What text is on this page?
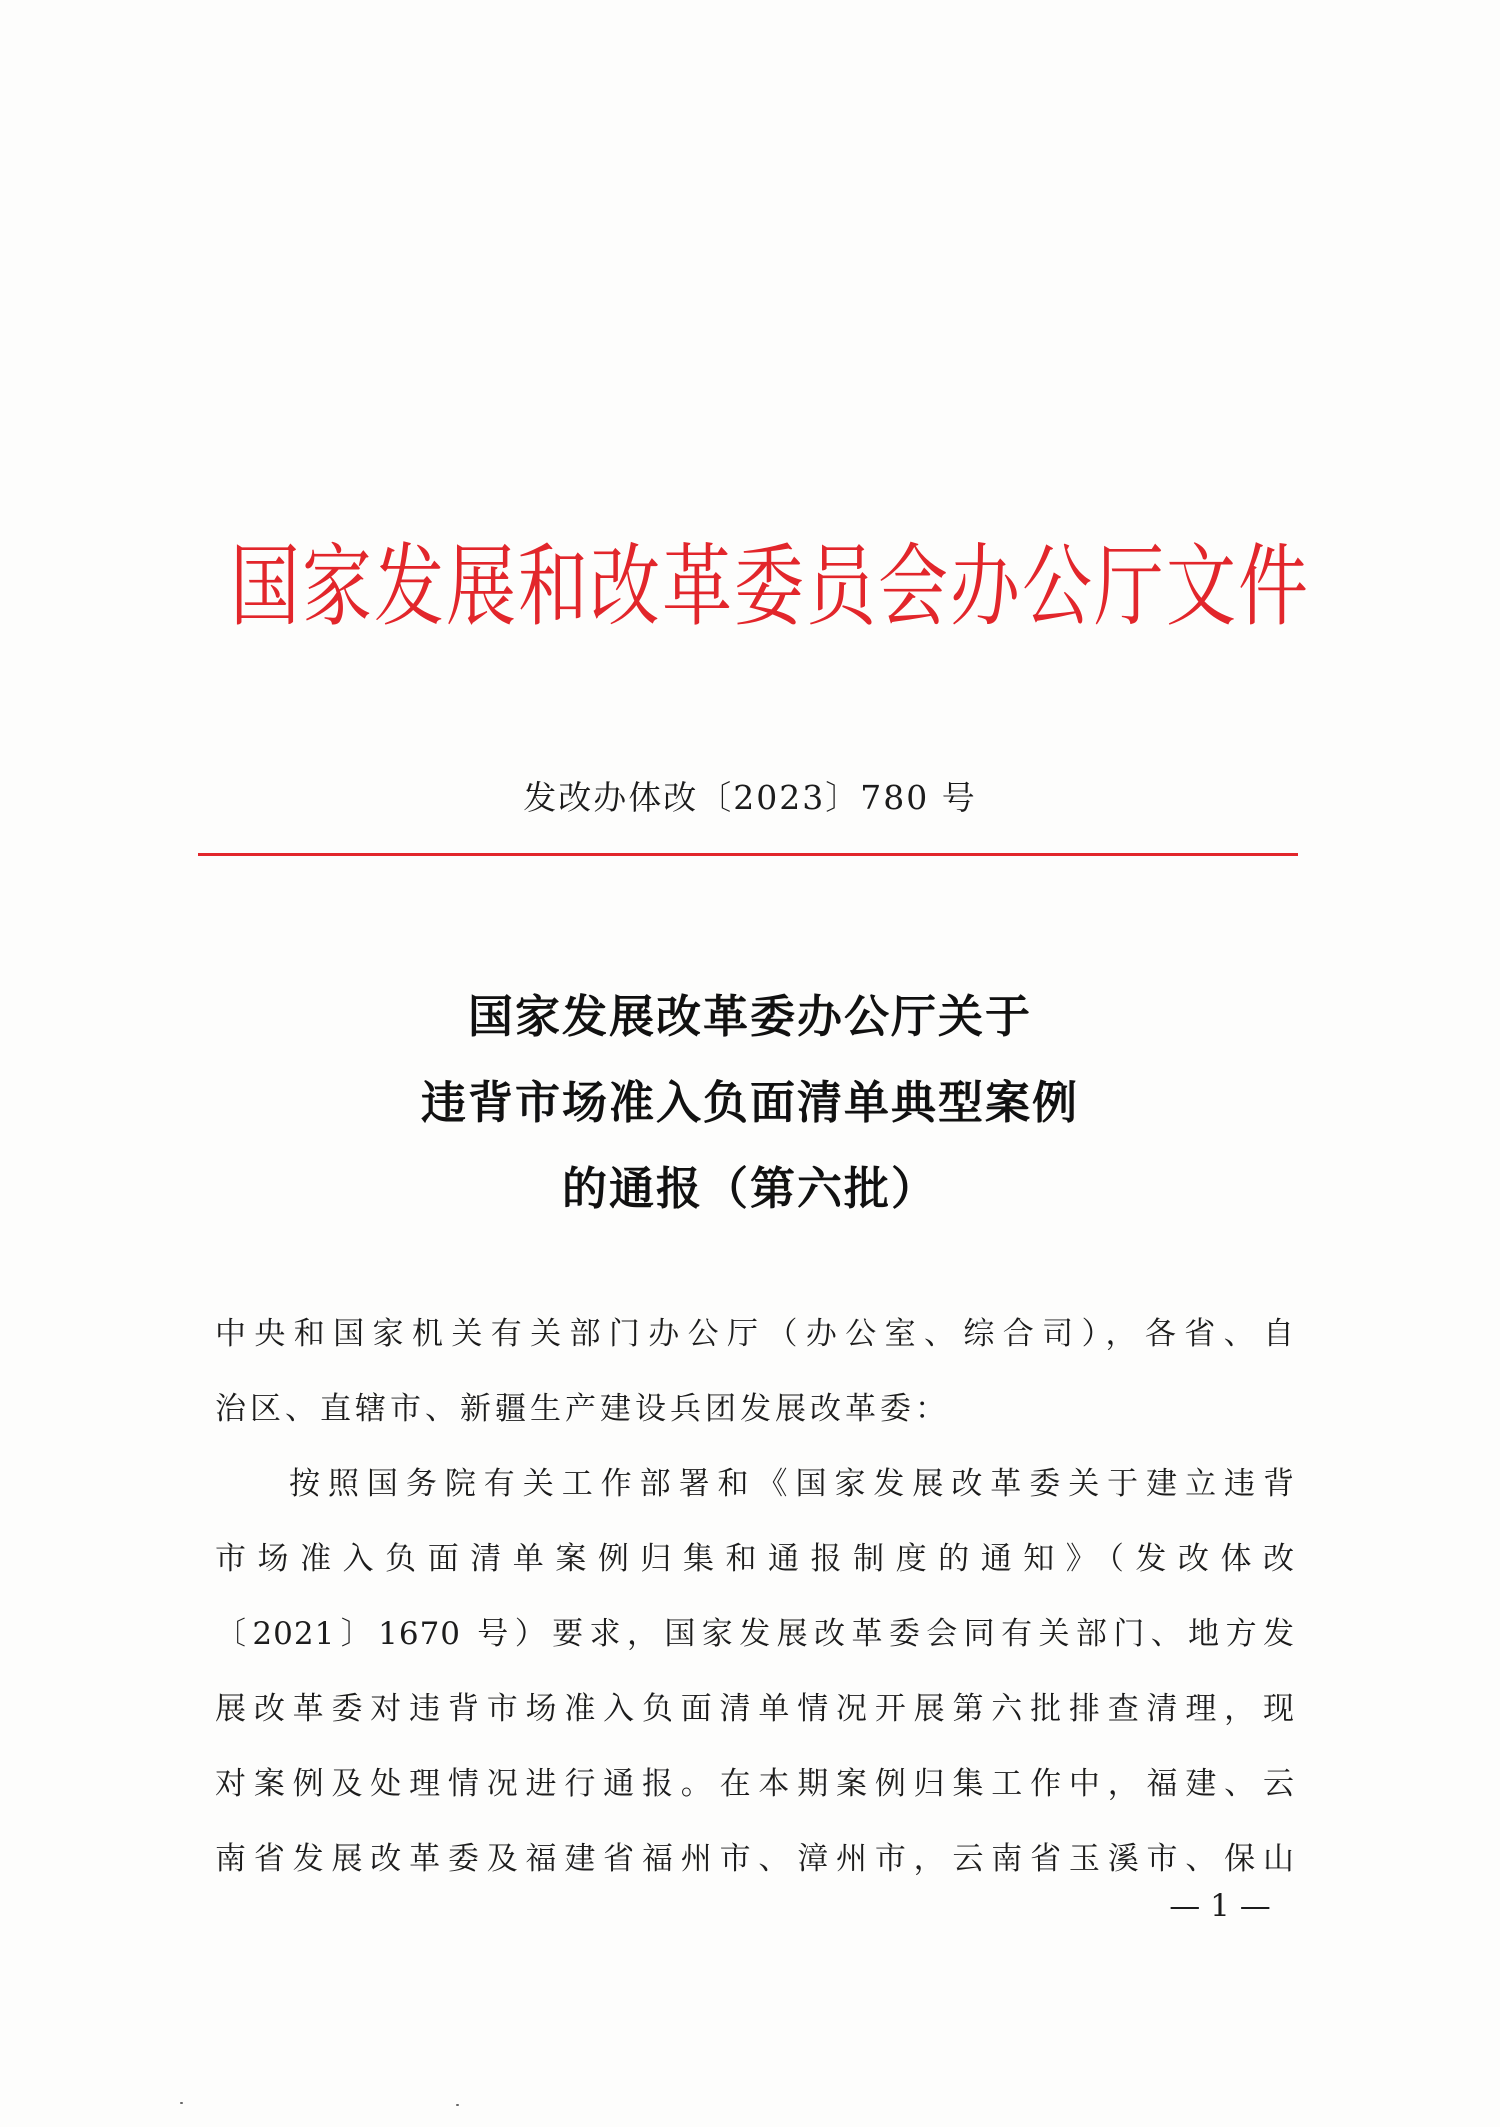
国家发展和改革委员会办公厅文件
发改办体改〔2023〕780 号
国家发展改革委办公厅关于
违背市场准入负面清单典型案例
的通报（第六批）
中央和国家机关有关部门办公厅（办公室、综合司），各省、自
治区、直辖市、新疆生产建设兵团发展改革委：
按照国务院有关工作部署和《国家发展改革委关于建立违背
市场准入负面清单案例归集和通报制度的通知》（发改体改
〔2021〕1670 号）要求，国家发展改革委会同有关部门、地方发
展改革委对违背市场准入负面清单情况开展第六批排查清理，现
对案例及处理情况进行通报。在本期案例归集工作中，福建、云
南省发展改革委及福建省福州市、漳州市，云南省玉溪市、保山
— 1 —
